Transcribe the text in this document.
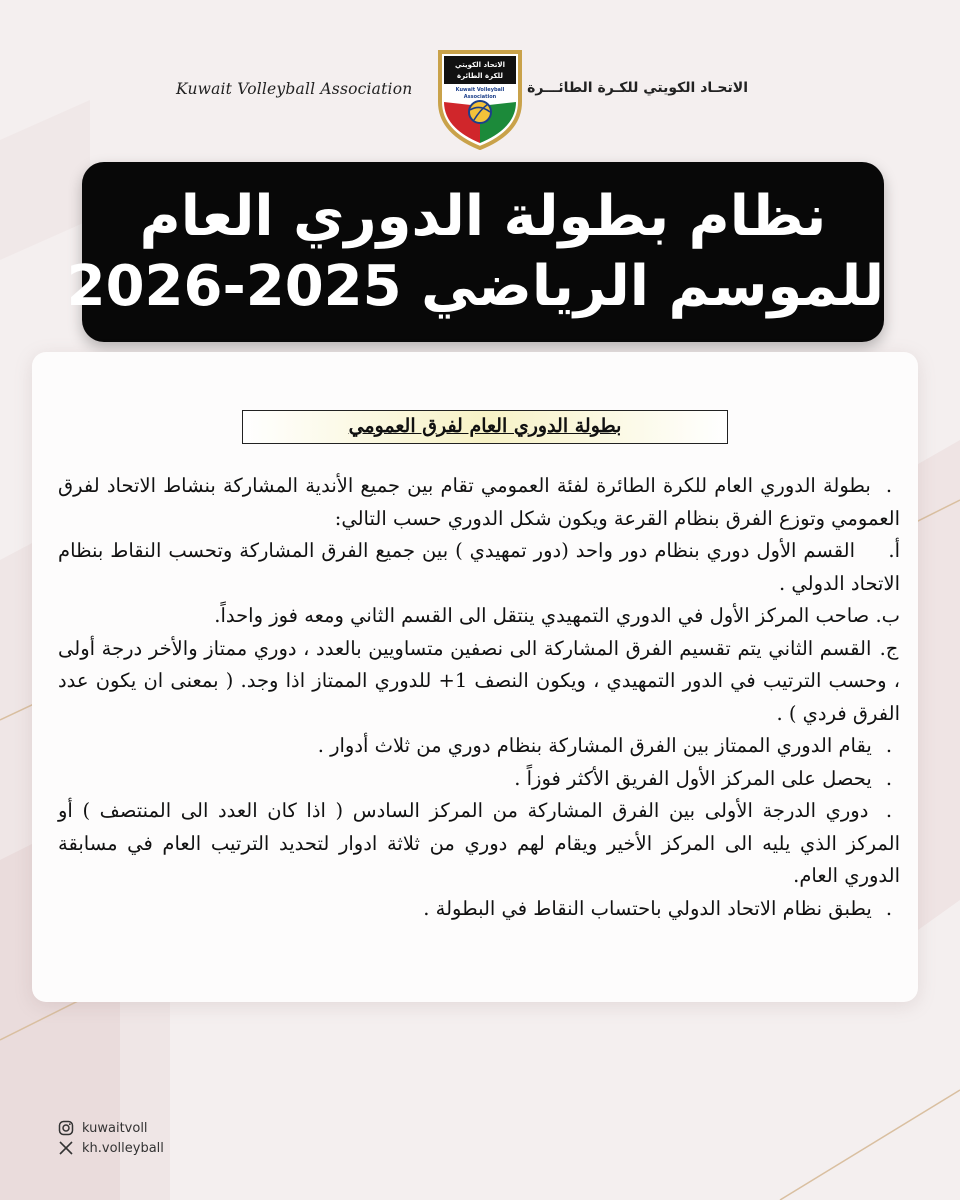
Kuwait Volleyball Association	الاتحـاد الكويتي للكـرة الطائـــرة
الاتحاد الكويتي
للكرة الطائرة
Kuwait Volleyball
Association
نظام بطولة الدوري العام
للموسم الرياضي 2025-2026
بطولة الدوري العام لفرق العمومي

. بطولة الدوري العام للكرة الطائرة لفئة العمومي تقام بين جميع الأندية المشاركة بنشاط الاتحاد لفرق العمومي وتوزع الفرق بنظام القرعة ويكون شكل الدوري حسب التالي:

أ. القسم الأول دوري بنظام دور واحد (دور تمهيدي ) بين جميع الفرق المشاركة وتحسب النقاط بنظام الاتحاد الدولي .

ب. صاحب المركز الأول في الدوري التمهيدي ينتقل الى القسم الثاني ومعه فوز واحداً.

ج. القسم الثاني يتم تقسيم الفرق المشاركة الى نصفين متساويين بالعدد ، دوري ممتاز والأخر درجة أولى ، وحسب الترتيب في الدور التمهيدي ، ويكون النصف 1+ للدوري الممتاز اذا وجد. ( بمعنى ان يكون عدد الفرق فردي ) .

. يقام الدوري الممتاز بين الفرق المشاركة بنظام دوري من ثلاث أدوار .

. يحصل على المركز الأول الفريق الأكثر فوزاً .

. دوري الدرجة الأولى بين الفرق المشاركة من المركز السادس ( اذا كان العدد الى المنتصف ) أو المركز الذي يليه الى المركز الأخير ويقام لهم دوري من ثلاثة ادوار لتحديد الترتيب العام في مسابقة الدوري العام.

. يطبق نظام الاتحاد الدولي باحتساب النقاط في البطولة .

kuwaitvoll
kh.volleyball
